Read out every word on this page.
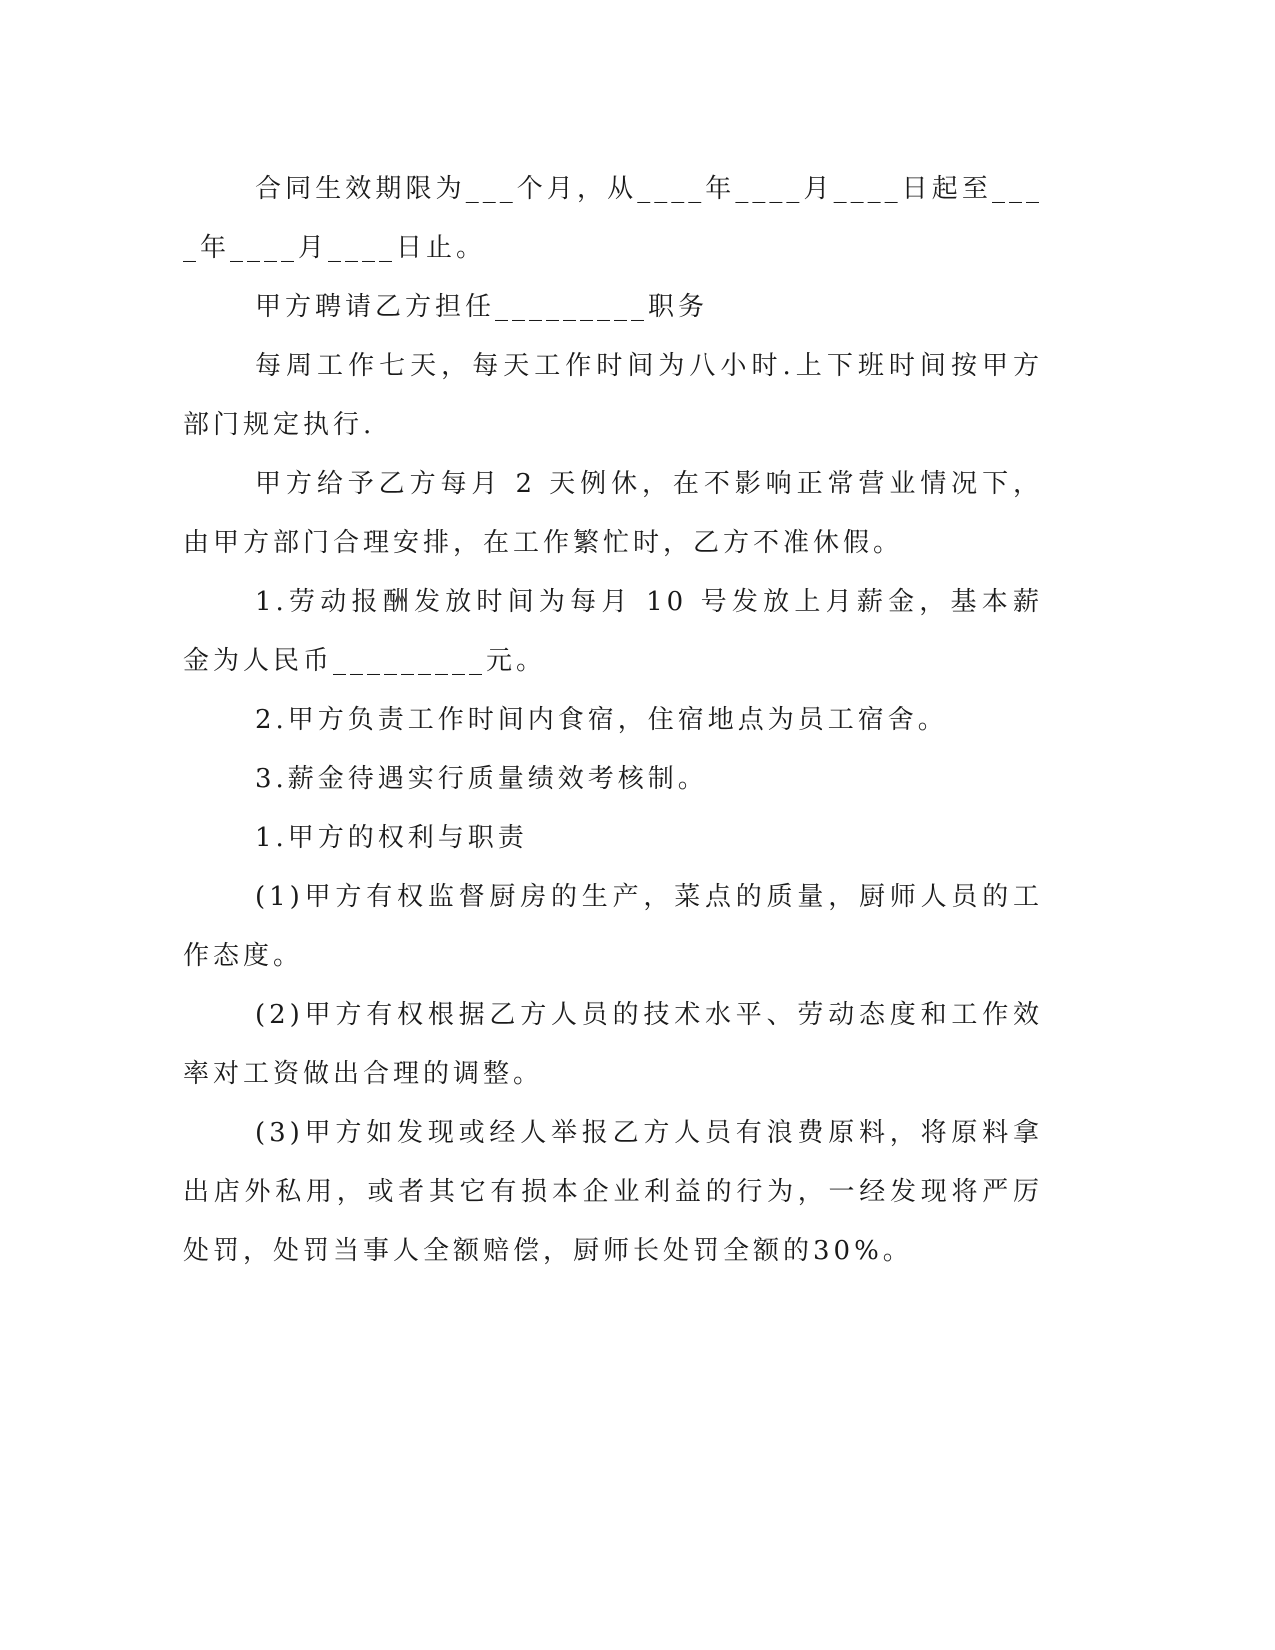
合同生效期限为___个月，从____年____月____日起至____年____月____日止。

甲方聘请乙方担任_________职务

每周工作七天，每天工作时间为八小时.上下班时间按甲方部门规定执行.

甲方给予乙方每月 2 天例休，在不影响正常营业情况下，由甲方部门合理安排，在工作繁忙时，乙方不准休假。

1.劳动报酬发放时间为每月 10 号发放上月薪金，基本薪金为人民币_________元。

2.甲方负责工作时间内食宿，住宿地点为员工宿舍。

3.薪金待遇实行质量绩效考核制。

1.甲方的权利与职责

(1)甲方有权监督厨房的生产，菜点的质量，厨师人员的工作态度。

(2)甲方有权根据乙方人员的技术水平、劳动态度和工作效率对工资做出合理的调整。

(3)甲方如发现或经人举报乙方人员有浪费原料，将原料拿出店外私用，或者其它有损本企业利益的行为，一经发现将严厉处罚，处罚当事人全额赔偿，厨师长处罚全额的30%。
